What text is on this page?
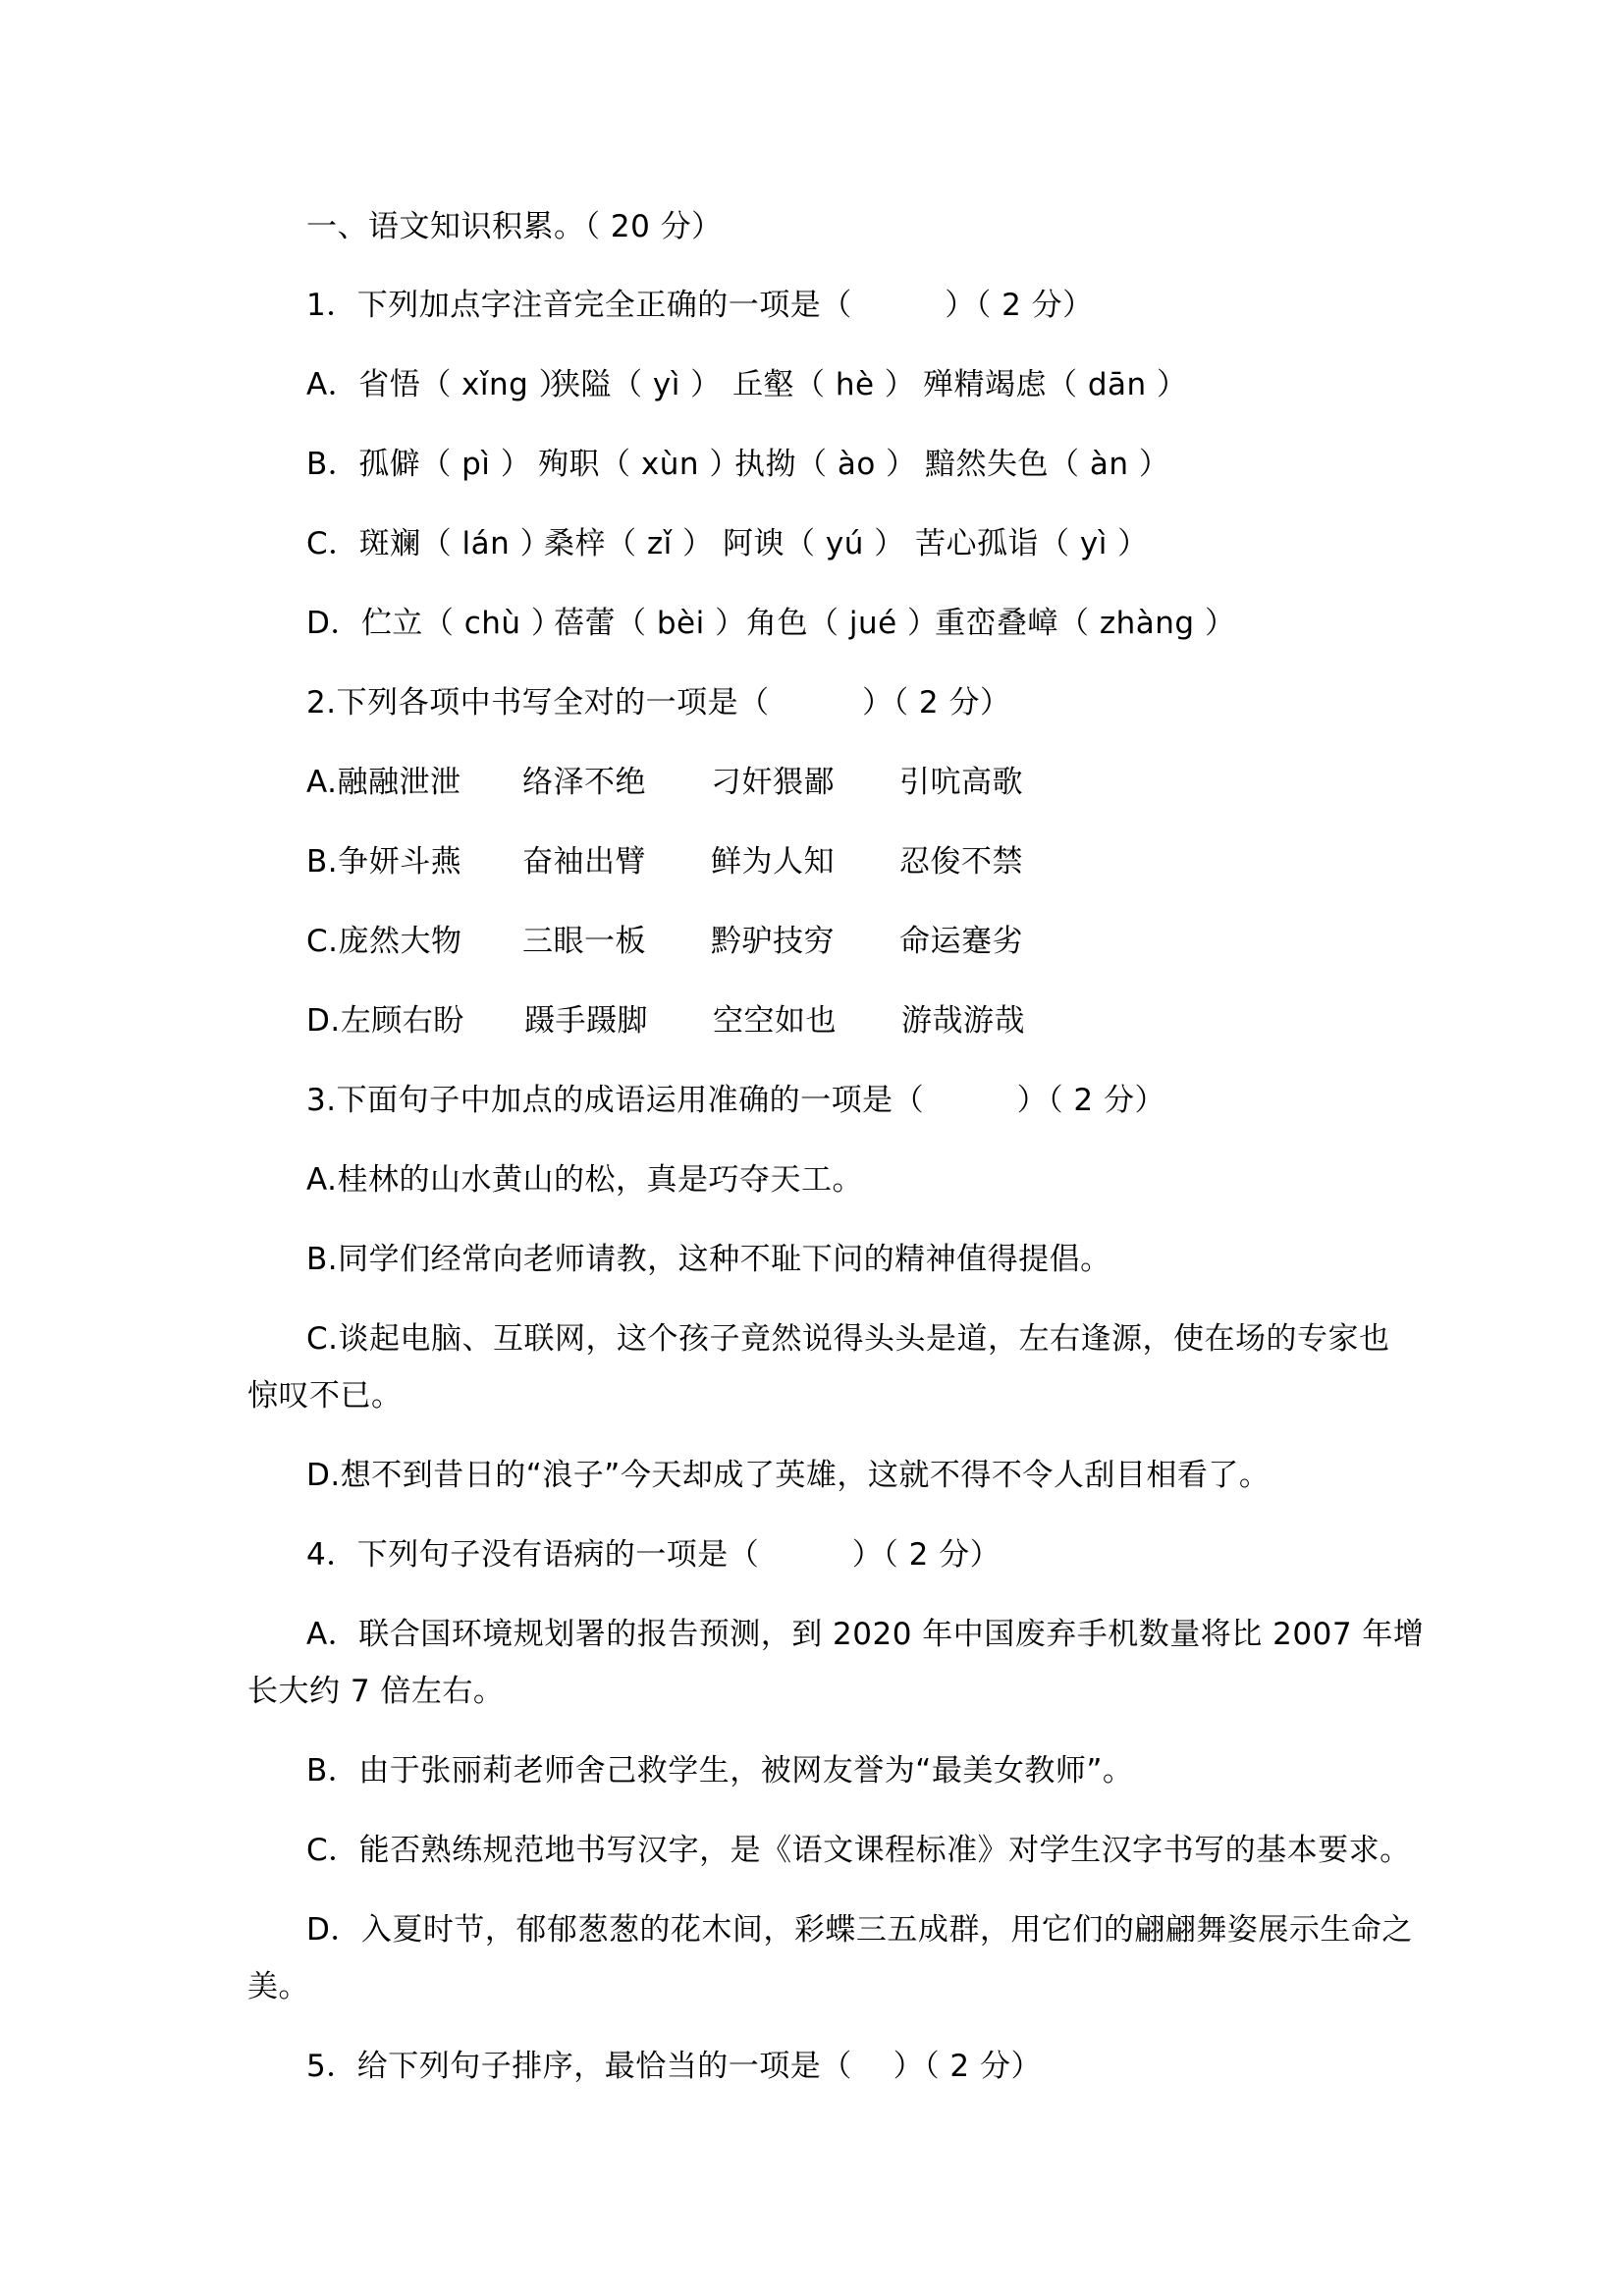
一、语文知识积累。（ 20 分）
1．下列加点字注音完全正确的一项是（　　　）（ 2 分）
A．省悟（ xǐng ）
狭隘（ yì ） 丘壑（ hè ） 殚精竭虑（ dān ）
B．孤僻（ pì ） 殉职（ xùn ）
执拗（ ào ） 黯然失色（ àn ）
C．斑斓（ lán ）
桑梓（ zǐ ） 阿谀（ yú ） 苦心孤诣（ yì ）
D．伫立（ chù ）
蓓蕾（ bèi ） 角色（ jué ）
重峦叠嶂（ zhàng ）
2.下列各项中书写全对的一项是（　　　）（ 2 分）
A.融融泄泄 络泽不绝 刁奸猥鄙 引吭高歌
B.争妍斗燕 奋袖出臂 鲜为人知 忍俊不禁
C.庞然大物 三眼一板 黔驴技穷 命运蹇劣
D.左顾右盼 蹑手蹑脚 空空如也 游哉游哉
3.下面句子中加点的成语运用准确的一项是（　　　）（ 2 分）
A.桂林的山水黄山的松，真是巧夺天工。
B.同学们经常向老师请教，这种不耻下问的精神值得提倡。
C.谈起电脑、互联网，这个孩子竟然说得头头是道，左右逢源，使在场的专家也
惊叹不已。
D.想不到昔日的“浪子”今天却成了英雄，这就不得不令人刮目相看了。
4．下列句子没有语病的一项是（　　　）（ 2 分）
A．联合国环境规划署的报告预测，到 2020 年中国废弃手机数量将比 2007 年增
长大约 7 倍左右。
B．由于张丽莉老师舍己救学生，被网友誉为“最美女教师”。
C．能否熟练规范地书写汉字，是《语文课程标准》对学生汉字书写的基本要求。
D．入夏时节，郁郁葱葱的花木间，彩蝶三五成群，用它们的翩翩舞姿展示生命之
美。
5．给下列句子排序，最恰当的一项是（　 ）（ 2 分）
